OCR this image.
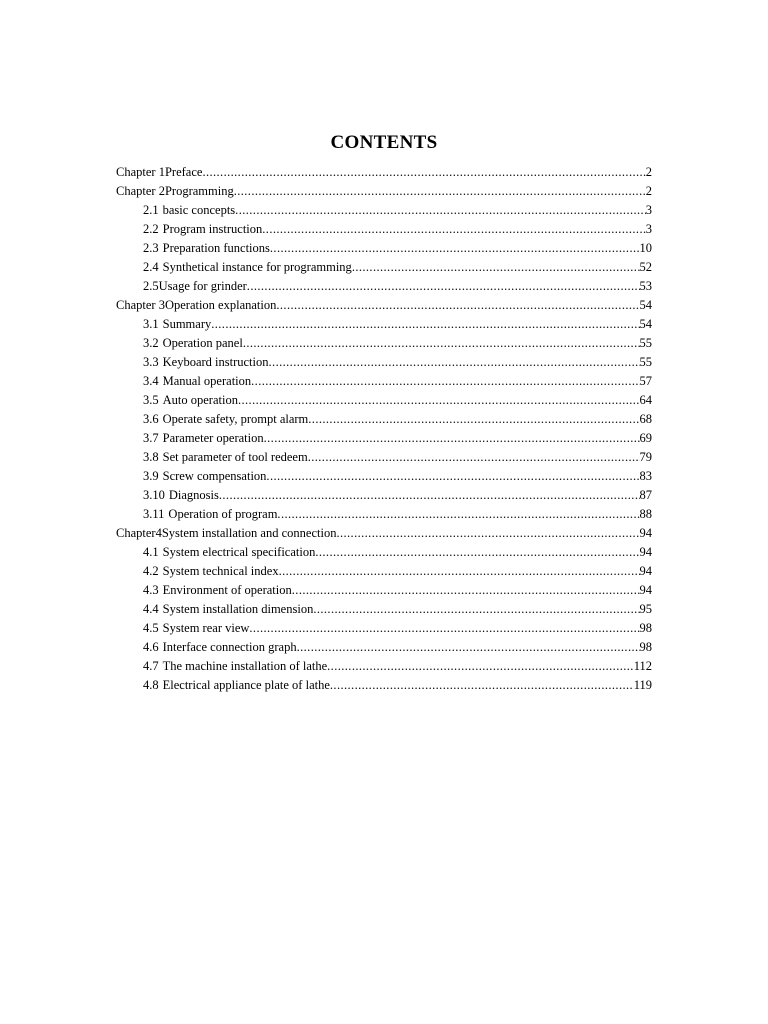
CONTENTS
Chapter 1 Preface .....	2
Chapter 2 Programming .....	2
2.1 basic concepts .....	3
2.2 Program instruction .....	3
2.3 Preparation functions .....	10
2.4 Synthetical instance for programming .....	52
2.5 Usage for grinder .....	53
Chapter 3 Operation explanation .....	54
3.1 Summary .....	54
3.2 Operation panel .....	55
3.3 Keyboard instruction .....	55
3.4 Manual operation .....	57
3.5 Auto operation .....	64
3.6 Operate safety, prompt alarm .....	68
3.7 Parameter operation .....	69
3.8 Set parameter of tool redeem .....	79
3.9 Screw compensation .....	83
3.10 Diagnosis .....	87
3.11 Operation of program .....	88
Chapter4 System installation and connection .....	94
4.1 System electrical specification .....	94
4.2 System technical index .....	94
4.3 Environment of operation .....	94
4.4 System installation dimension .....	95
4.5 System rear view .....	98
4.6 Interface connection graph .....	98
4.7 The machine installation of lathe .....	112
4.8 Electrical appliance plate of lathe .....	119
